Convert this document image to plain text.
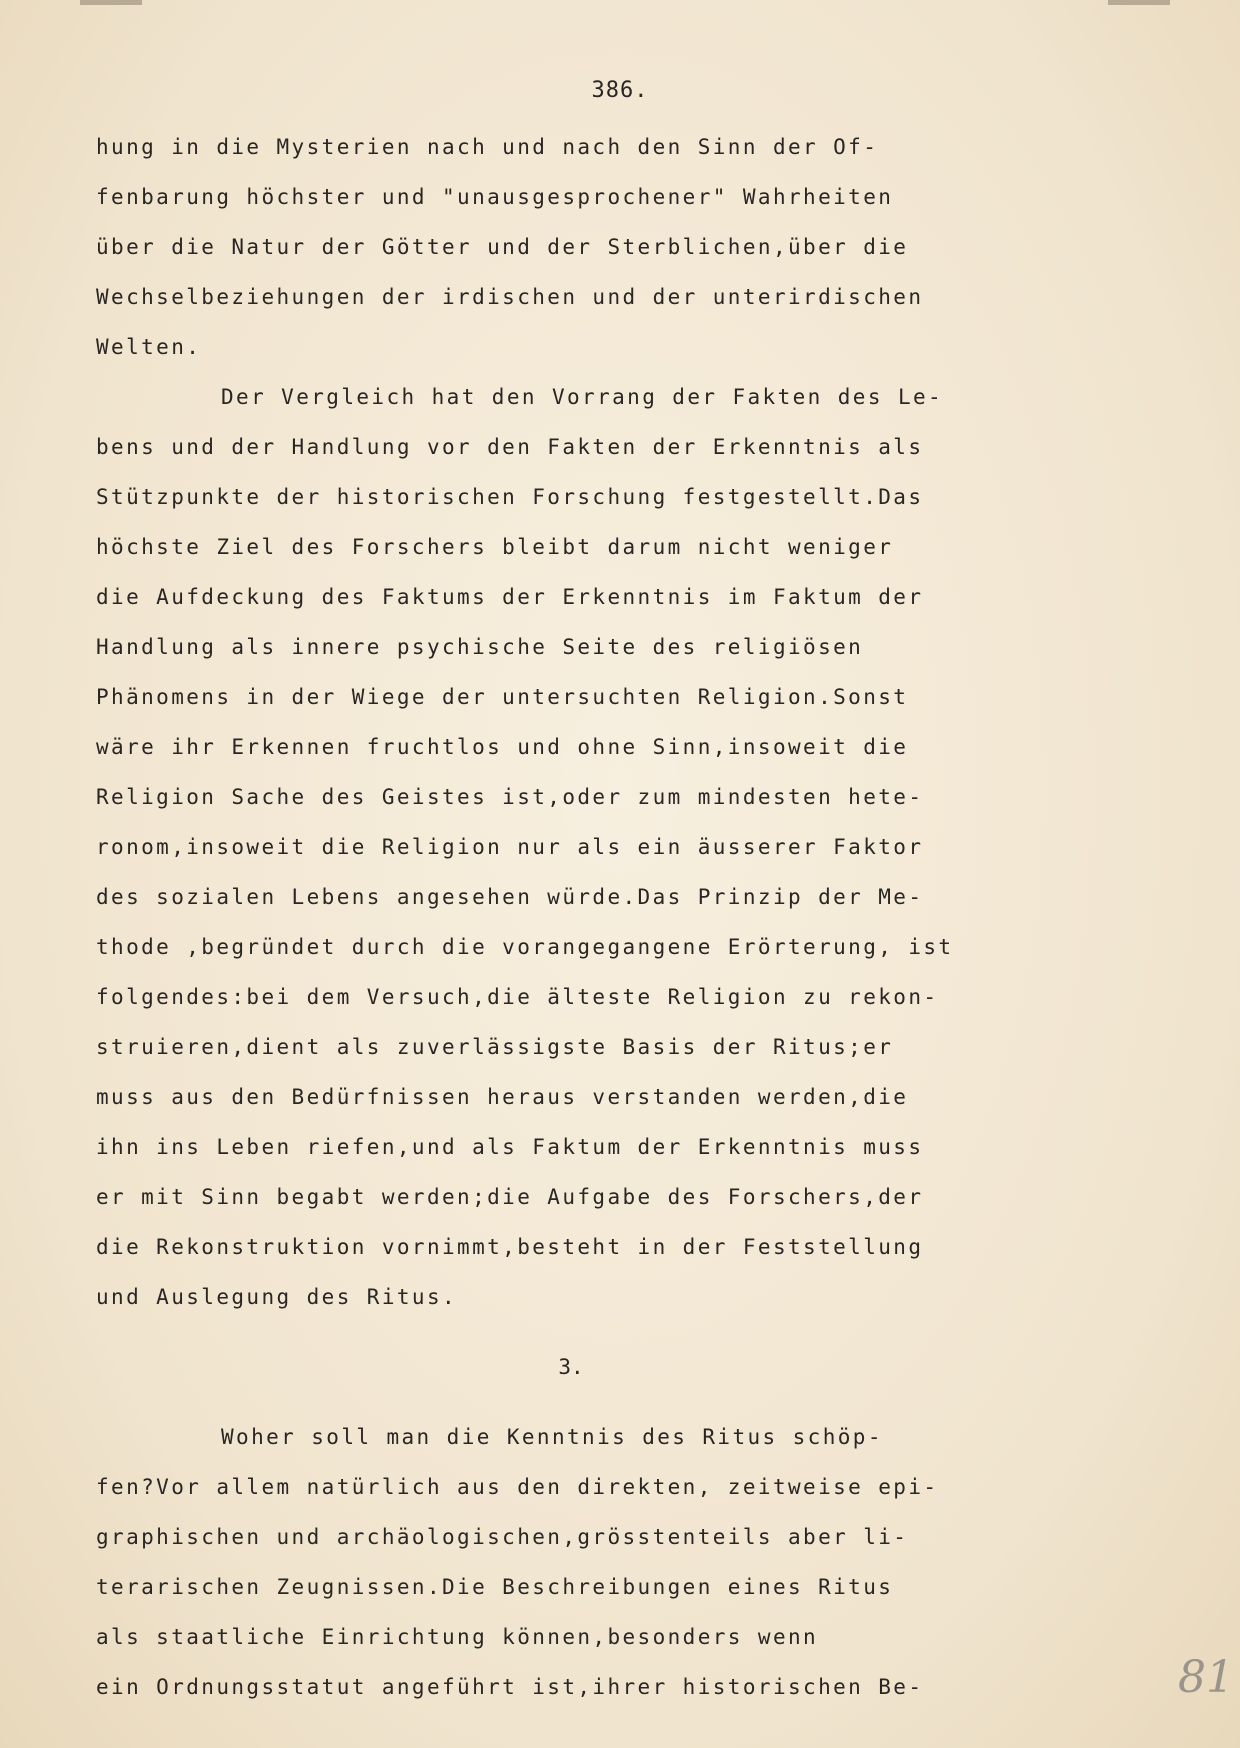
386.
hung in die Mysterien nach und nach den Sinn der Of-
fenbarung höchster und "unausgesprochener" Wahrheiten
über die Natur der Götter und der Sterblichen,über die
Wechselbeziehungen der irdischen und der unterirdischen
Welten.
Der Vergleich hat den Vorrang der Fakten des Le-
bens und der Handlung vor den Fakten der Erkenntnis als
Stützpunkte der historischen Forschung festgestellt.Das
höchste Ziel des Forschers bleibt darum nicht weniger
die Aufdeckung des Faktums der Erkenntnis im Faktum der
Handlung als innere psychische Seite des religiösen
Phänomens in der Wiege der untersuchten Religion.Sonst
wäre ihr Erkennen fruchtlos und ohne Sinn,insoweit die
Religion Sache des Geistes ist,oder zum mindesten hete-
ronom,insoweit die Religion nur als ein äusserer Faktor
des sozialen Lebens angesehen würde.Das Prinzip der Me-
thode ,begründet durch die vorangegangene Erörterung, ist
folgendes:bei dem Versuch,die älteste Religion zu rekon-
struieren,dient als zuverlässigste Basis der Ritus;er
muss aus den Bedürfnissen heraus verstanden werden,die
ihn ins Leben riefen,und als Faktum der Erkenntnis muss
er mit Sinn begabt werden;die Aufgabe des Forschers,der
die Rekonstruktion vornimmt,besteht in der Feststellung
und Auslegung des Ritus.
3.
Woher soll man die Kenntnis des Ritus schöp-
fen?Vor allem natürlich aus den direkten, zeitweise epi-
graphischen und archäologischen,grösstenteils aber li-
terarischen Zeugnissen.Die Beschreibungen eines Ritus
als staatliche Einrichtung können,besonders wenn
ein Ordnungsstatut angeführt ist,ihrer historischen Be-	81
